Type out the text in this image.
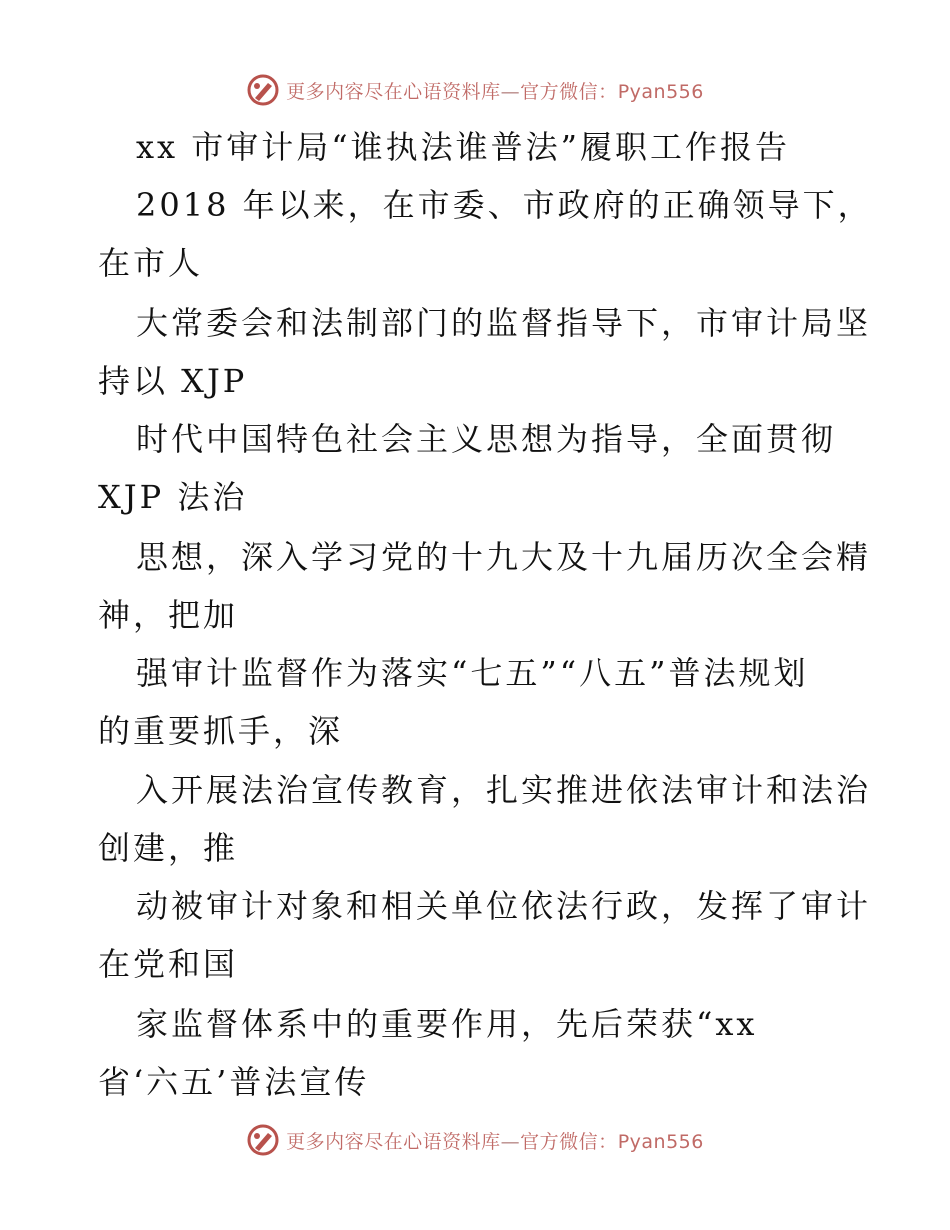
更多内容尽在心语资料库—官方微信：Pyan556
xx 市审计局“谁执法谁普法”履职工作报告
2018 年以来，在市委、市政府的正确领导下，
在市人
大常委会和法制部门的监督指导下，市审计局坚
持以 XJP
时代中国特色社会主义思想为指导，全面贯彻
XJP 法治
思想，深入学习党的十九大及十九届历次全会精
神，把加
强审计监督作为落实“七五”“八五”普法规划
的重要抓手，深
入开展法治宣传教育，扎实推进依法审计和法治
创建，推
动被审计对象和相关单位依法行政，发挥了审计
在党和国
家监督体系中的重要作用，先后荣获“xx
省‘六五’普法宣传
更多内容尽在心语资料库—官方微信：Pyan556
